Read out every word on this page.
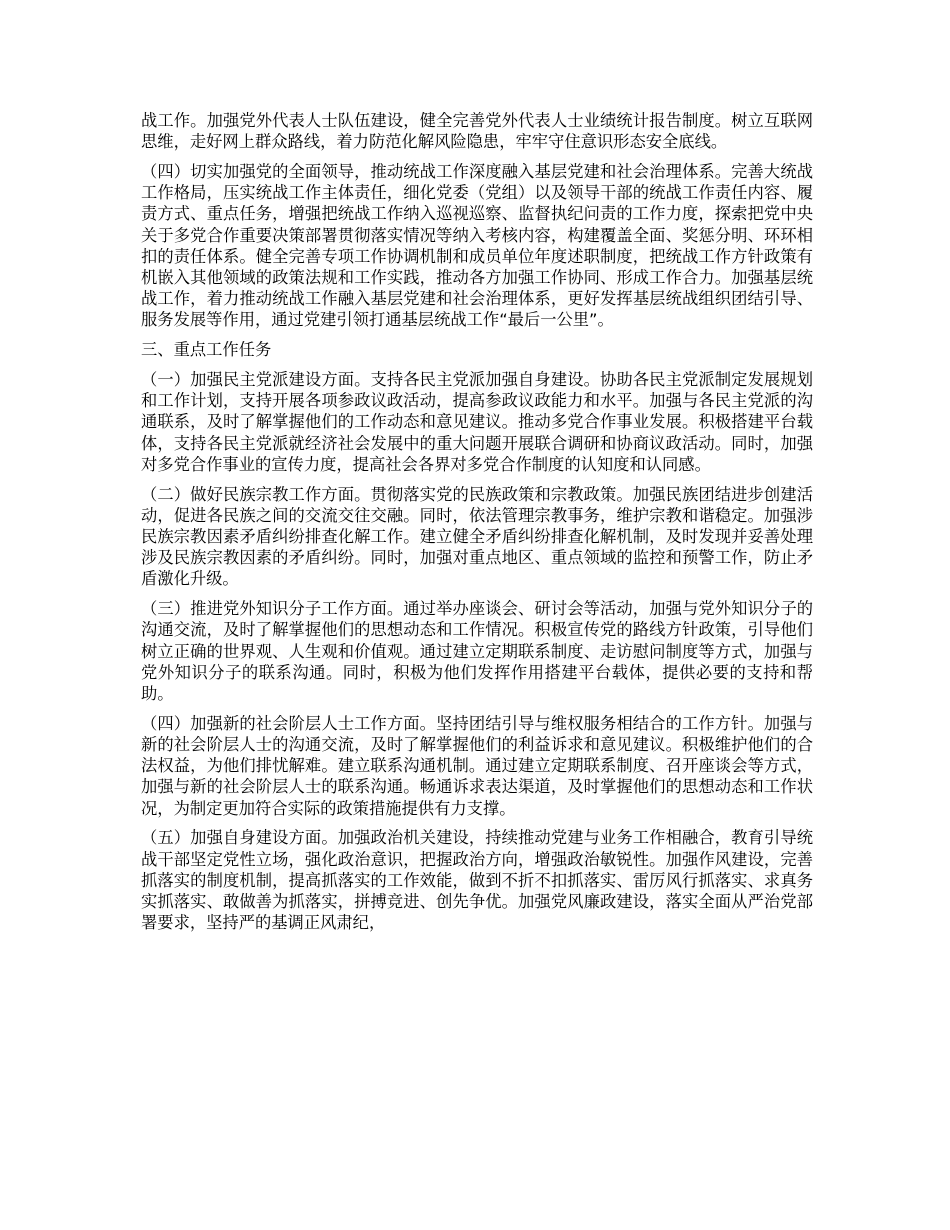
战工作。加强党外代表人士队伍建设，健全完善党外代表人士业绩统计报告制度。树立互联网思维，走好网上群众路线，着力防范化解风险隐患，牢牢守住意识形态安全底线。

（四）切实加强党的全面领导，推动统战工作深度融入基层党建和社会治理体系。完善大统战工作格局，压实统战工作主体责任，细化党委（党组）以及领导干部的统战工作责任内容、履责方式、重点任务，增强把统战工作纳入巡视巡察、监督执纪问责的工作力度，探索把党中央关于多党合作重要决策部署贯彻落实情况等纳入考核内容，构建覆盖全面、奖惩分明、环环相扣的责任体系。健全完善专项工作协调机制和成员单位年度述职制度，把统战工作方针政策有机嵌入其他领域的政策法规和工作实践，推动各方加强工作协同、形成工作合力。加强基层统战工作，着力推动统战工作融入基层党建和社会治理体系，更好发挥基层统战组织团结引导、服务发展等作用，通过党建引领打通基层统战工作“最后一公里”。

三、重点工作任务

（一）加强民主党派建设方面。支持各民主党派加强自身建设。协助各民主党派制定发展规划和工作计划，支持开展各项参政议政活动，提高参政议政能力和水平。加强与各民主党派的沟通联系，及时了解掌握他们的工作动态和意见建议。推动多党合作事业发展。积极搭建平台载体，支持各民主党派就经济社会发展中的重大问题开展联合调研和协商议政活动。同时，加强对多党合作事业的宣传力度，提高社会各界对多党合作制度的认知度和认同感。

（二）做好民族宗教工作方面。贯彻落实党的民族政策和宗教政策。加强民族团结进步创建活动，促进各民族之间的交流交往交融。同时，依法管理宗教事务，维护宗教和谐稳定。加强涉民族宗教因素矛盾纠纷排查化解工作。建立健全矛盾纠纷排查化解机制，及时发现并妥善处理涉及民族宗教因素的矛盾纠纷。同时，加强对重点地区、重点领域的监控和预警工作，防止矛盾激化升级。

（三）推进党外知识分子工作方面。通过举办座谈会、研讨会等活动，加强与党外知识分子的沟通交流，及时了解掌握他们的思想动态和工作情况。积极宣传党的路线方针政策，引导他们树立正确的世界观、人生观和价值观。通过建立定期联系制度、走访慰问制度等方式，加强与党外知识分子的联系沟通。同时，积极为他们发挥作用搭建平台载体，提供必要的支持和帮助。

（四）加强新的社会阶层人士工作方面。坚持团结引导与维权服务相结合的工作方针。加强与新的社会阶层人士的沟通交流，及时了解掌握他们的利益诉求和意见建议。积极维护他们的合法权益，为他们排忧解难。建立联系沟通机制。通过建立定期联系制度、召开座谈会等方式，加强与新的社会阶层人士的联系沟通。畅通诉求表达渠道，及时掌握他们的思想动态和工作状况，为制定更加符合实际的政策措施提供有力支撑。

（五）加强自身建设方面。加强政治机关建设，持续推动党建与业务工作相融合，教育引导统战干部坚定党性立场，强化政治意识，把握政治方向，增强政治敏锐性。加强作风建设，完善抓落实的制度机制，提高抓落实的工作效能，做到不折不扣抓落实、雷厉风行抓落实、求真务实抓落实、敢做善为抓落实，拼搏竞进、创先争优。加强党风廉政建设，落实全面从严治党部署要求，坚持严的基调正风肃纪，
